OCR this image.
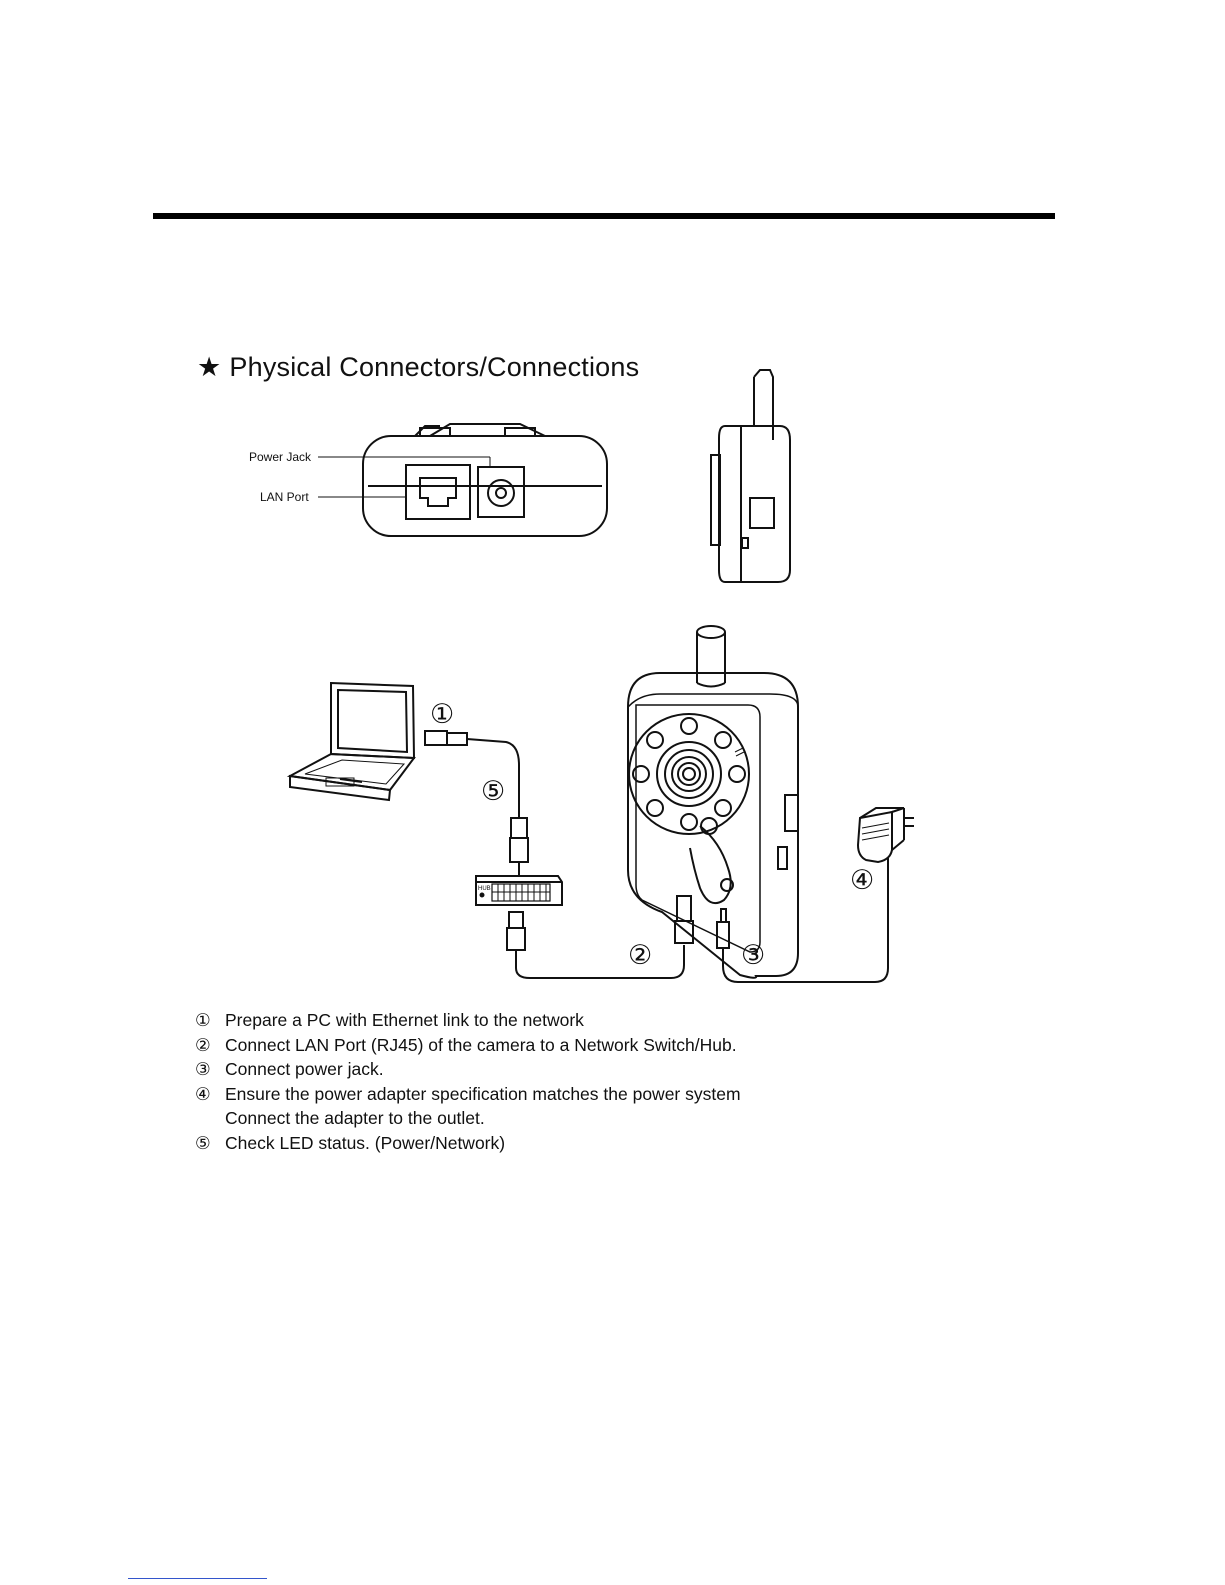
★ Physical Connectors/Connections
Power Jack
LAN Port
HUB
①
⑤
④
②	③
① Prepare a PC with Ethernet link to the network
② Connect LAN Port (RJ45) of the camera to a Network Switch/Hub.
③ Connect power jack.
④ Ensure the power adapter specification matches the power system
Connect the adapter to the outlet.
⑤ Check LED status. (Power/Network)
